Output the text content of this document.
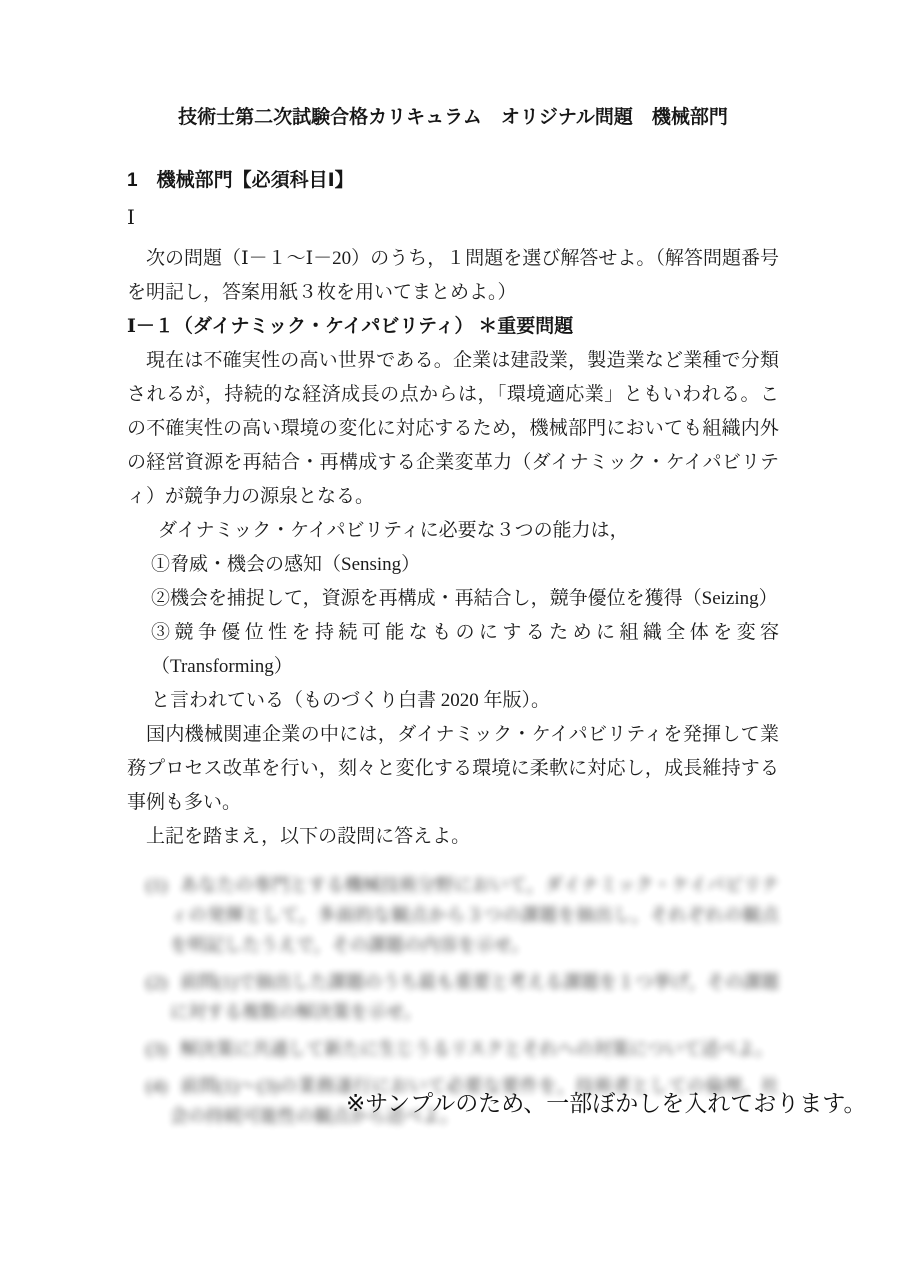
技術士第二次試験合格カリキュラム　オリジナル問題　機械部門
1　機械部門【必須科目Ⅰ】
Ⅰ

次の問題（Ⅰ－１～Ⅰ－20）のうち，１問題を選び解答せよ。（解答問題番号を明記し，答案用紙３枚を用いてまとめよ。）

Ⅰ－１（ダイナミック・ケイパビリティ） ＊重要問題

現在は不確実性の高い世界である。企業は建設業，製造業など業種で分類されるが，持続的な経済成長の点からは，「環境適応業」ともいわれる。この不確実性の高い環境の変化に対応するため，機械部門においても組織内外の経営資源を再結合・再構成する企業変革力（ダイナミック・ケイパビリティ）が競争力の源泉となる。

ダイナミック・ケイパビリティに必要な３つの能力は，

①脅威・機会の感知（Sensing）

②機会を捕捉して，資源を再構成・再結合し，競争優位を獲得（Seizing）

③競争優位性を持続可能なものにするために組織全体を変容（Transforming）

と言われている（ものづくり白書 2020 年版）。

国内機械関連企業の中には，ダイナミック・ケイパビリティを発揮して業務プロセス改革を行い，刻々と変化する環境に柔軟に対応し，成長維持する事例も多い。

上記を踏まえ，以下の設問に答えよ。

(1) あなたの専門とする機械技術分野において，ダイナミック・ケイパビリティの発揮として，多面的な観点から３つの課題を抽出し，それぞれの観点を明記したうえで，その課題の内容を示せ。
(2) 前問(1)で抽出した課題のうち最も重要と考える課題を１つ挙げ，その課題に対する複数の解決策を示せ。
(3) 解決策に共通して新たに生じうるリスクとそれへの対策について述べよ。
(4) 前問(1)～(3)の業務遂行において必要な要件を，技術者としての倫理，社会の持続可能性の観点から述べよ。
※サンプルのため、一部ぼかしを入れております。
